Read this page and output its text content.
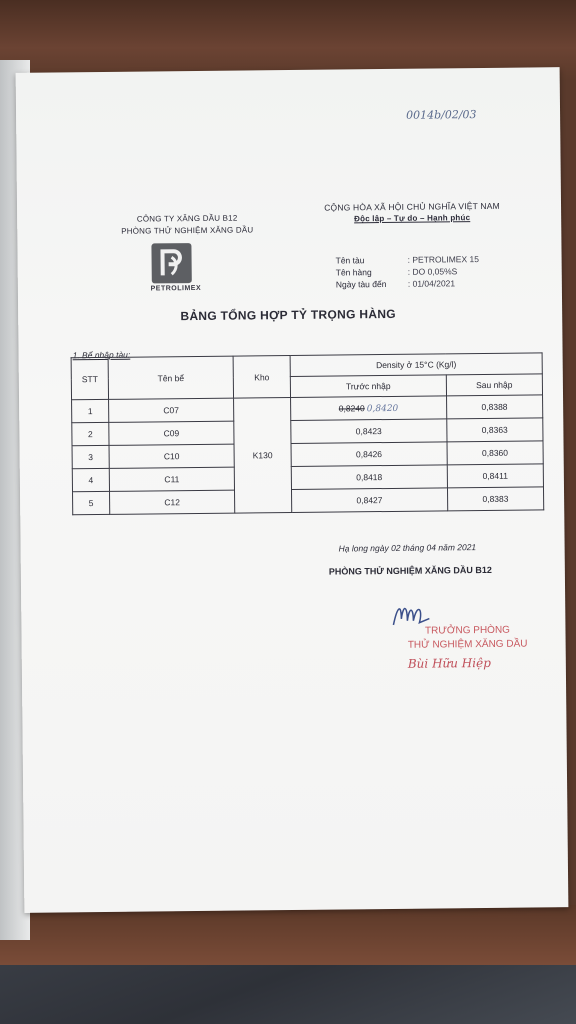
0014b/02/03
CÔNG TY XĂNG DẦU B12
PHÒNG THỬ NGHIỆM XĂNG DẦU
CỘNG HÒA XÃ HỘI CHỦ NGHĨA VIỆT NAM
Độc lập – Tự do – Hạnh phúc
PETROLIMEX
Tên tàu	: PETROLIMEX 15
Tên hàng	: DO 0,05%S
Ngày tàu đến	: 01/04/2021
BẢNG TỔNG HỢP TỶ TRỌNG HÀNG
1. Bể nhập tàu:
STT	Tên bể	Kho	Density ở 15°C (Kg/l)	
			Trước nhập	Sau nhập
1	C07	K130	0,8240 0,8420	0,8388
2	C09		0,8423	0,8363
3	C10		0,8426	0,8360
4	C11		0,8418	0,8411
5	C12		0,8427	0,8383
Hạ long ngày 02 tháng 04 năm 2021
PHÒNG THỬ NGHIỆM XĂNG DẦU B12
TRƯỞNG PHÒNG
THỬ NGHIỆM XĂNG DẦU
Bùi Hữu Hiệp
